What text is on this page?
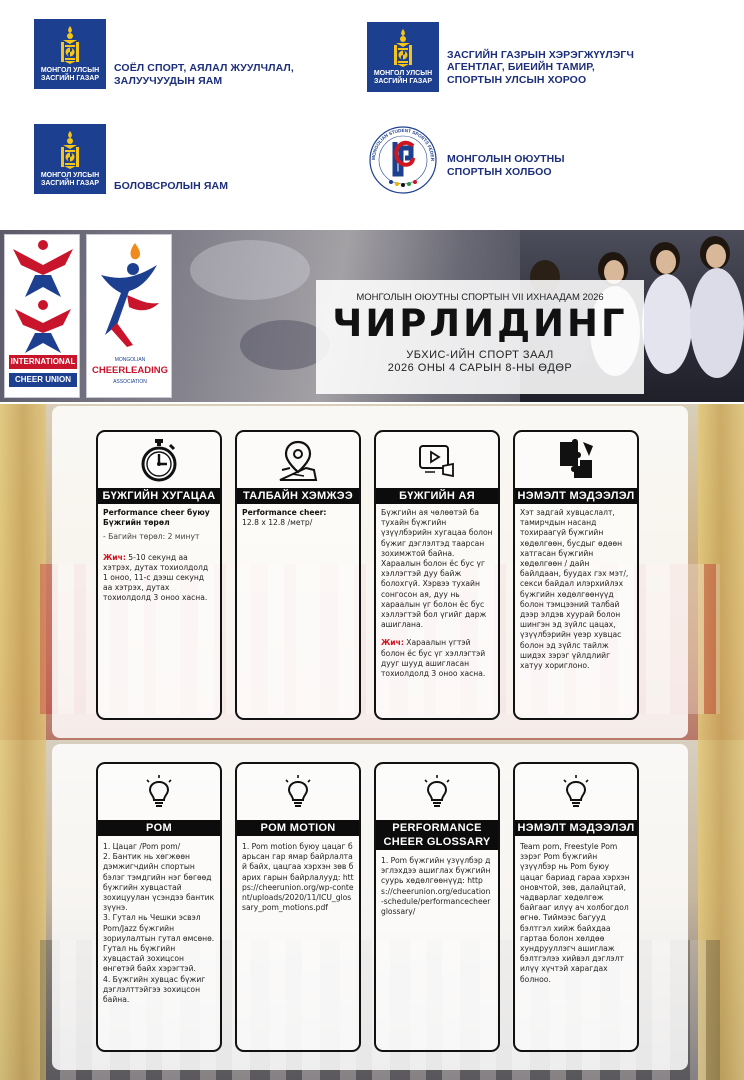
МОНГОЛ УЛСЫН ЗАСГИЙН ГАЗАР
СОЁЛ СПОРТ, АЯЛАЛ ЖУУЛЧЛАЛ, ЗАЛУУЧУУДЫН ЯАМ
МОНГОЛ УЛСЫН ЗАСГИЙН ГАЗАР
ЗАСГИЙН ГАЗРЫН ХЭРЭГЖҮҮЛЭГЧ АГЕНТЛАГ, БИЕИЙН ТАМИР, СПОРТЫН УЛСЫН ХОРОО
МОНГОЛ УЛСЫН ЗАСГИЙН ГАЗАР	БОЛОВСРОЛЫН ЯАМ
MONGOLIAN STUDENT SPORTS FEDER МОНГОЛЫН ОЮУТНЫ СПОРТЫН ХОЛБОО
INTERNATIONAL
CHEER UNION
MONGOLIAN
CHEERLEADING
ASSOCIATION
МОНГОЛЫН ОЮУТНЫ СПОРТЫН VII ИХНААДАМ 2026
ЧИРЛИДИНГ
УБХИС-ИЙН СПОРТ ЗААЛ
2026 ОНЫ 4 САРЫН 8-НЫ ӨДӨР
БҮЖГИЙН ХУГАЦАА

Performance cheer буюу Бүжгийн төрөл

- Багийн төрөл: 2 минут

Жич: 5-10 секунд аа хэтрэх, дутах тохиолдолд 1 оноо, 11-с дээш секунд аа хэтрэх, дутах тохиолдолд 3 оноо хасна.

ТАЛБАЙН ХЭМЖЭЭ

Performance cheer:

12.8 x 12.8 /метр/

БҮЖГИЙН АЯ

Бүжгийн ая чөлөөтэй ба тухайн бүжгийн үзүүлбэрийн хугацаа болон бүжиг дэглэлтэд таарсан зохимжтой байна. Хараалын болон ёс бус үг хэллэгтэй дуу байж болохгүй. Хэрвээ тухайн сонгосон ая, дуу нь хараалын үг болон ёс бус хэллэгтэй бол үгийг дарж ашиглана.

Жич: Хараалын үгтэй болон ёс бус үг хэллэгтэй дууг шууд ашигласан тохиолдолд 3 оноо хасна.

НЭМЭЛТ МЭДЭЭЛЭЛ

Хэт задгай хувцаслалт, тамирчдын насанд тохираагүй бүжгийн хөдөлгөөн, бусдыг өдөөн хатгасан бүжгийн хөдөлгөөн / дайн байлдаан, буудах гэх мэт/, секси байдал илэрхийлэх бүжгийн хөдөлгөөнүүд болон тэмцээний талбай дээр элдэв хуурай болон шингэн эд зүйлс цацах, үзүүлбэрийн үеэр хувцас болон эд зүйлс тайлж шидэх зэрэг үйлдлийг хатуу хориглоно.

POM
1. Цацаг /Pom pom/
2. Бантик нь хөгжөөн дэмжигчдийн спортын бэлэг тэмдгийн нэг бөгөөд бүжгийн хувцастай зохицуулан үсэндээ бантик зүүнэ.
3. Гутал нь Чешки эсвэл Pom/Jazz бүжгийн зориулалтын гутал өмсөнө.
Гутал нь бүжгийн хувцастай зохицсон өнгөтэй байх хэрэгтэй.
4. Бүжгийн хувцас бүжиг дэглэлттэйгээ зохицсон байна.
POM MOTION

1. Pom motion буюу цацаг барьсан гар ямар байрлалтай байх, цацгаа хэрхэн зөв барих гарын байрлалууд: https://cheerunion.org/wp-content/uploads/2020/11/ICU_glossary_pom_motions.pdf

PERFORMANCE CHEER GLOSSARY

1. Pom бүжгийн үзүүлбэр дэглэхдээ ашиглах бүжгийн суурь хөдөлгөөнүүд: https://cheerunion.org/education-schedule/performancecheerglossary/

НЭМЭЛТ МЭДЭЭЛЭЛ

Team pom, Freestyle Pom зэрэг Pom бүжгийн үзүүлбэр нь Pom буюу цацаг бариад гараа хэрхэн оновчтой, зөв, далайцтай, чадварлаг хөдөлгөж байгааг илүү ач холбогдол өгнө. Тиймээс багууд бэлтгэл хийж байхдаа гартаа болон хөлдөө хундрууллэгч ашиглаж бэлтгэлээ хийвэл дэглэлт илүү хүчтэй харагдах болноо.
